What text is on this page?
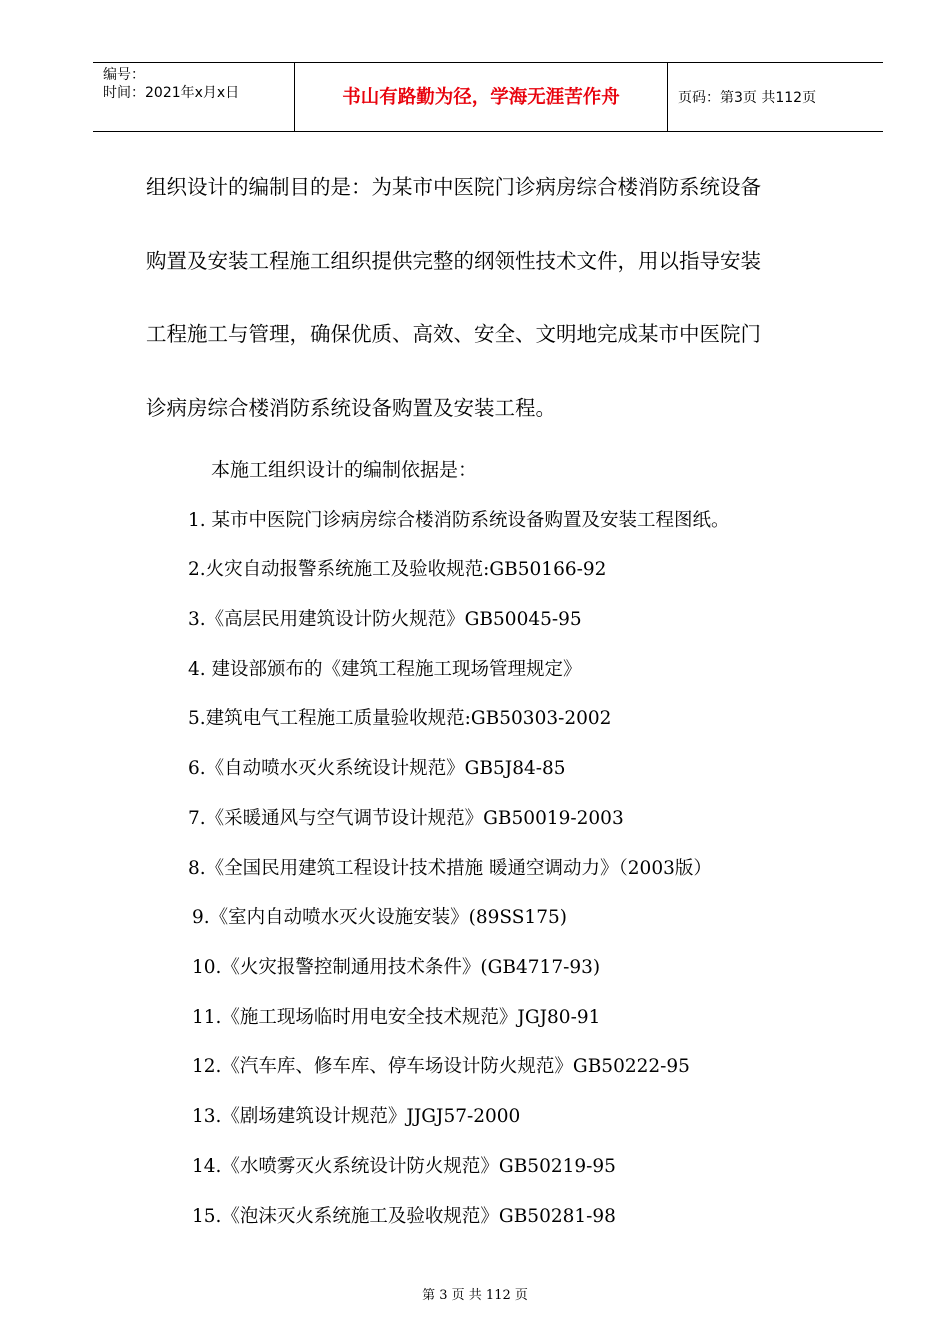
编号：
时间：2021年x月x日	书山有路勤为径，学海无涯苦作舟	页码：第3页 共112页
组织设计的编制目的是：为某市中医院门诊病房综合楼消防系统设备
购置及安装工程施工组织提供完整的纲领性技术文件，用以指导安装
工程施工与管理，确保优质、高效、安全、文明地完成某市中医院门
诊病房综合楼消防系统设备购置及安装工程。
本施工组织设计的编制依据是：
1. 某市中医院门诊病房综合楼消防系统设备购置及安装工程图纸。
2.火灾自动报警系统施工及验收规范:GB50166-92
3.《高层民用建筑设计防火规范》GB50045-95
4. 建设部颁布的《建筑工程施工现场管理规定》
5.建筑电气工程施工质量验收规范:GB50303-2002
6.《自动喷水灭火系统设计规范》GB5J84-85
7.《采暖通风与空气调节设计规范》GB50019-2003
8.《全国民用建筑工程设计技术措施 暖通空调动力》（2003版）
9.《室内自动喷水灭火设施安装》(89SS175)
10.《火灾报警控制通用技术条件》(GB4717-93)
11.《施工现场临时用电安全技术规范》JGJ80-91
12.《汽车库、修车库、停车场设计防火规范》GB50222-95
13.《剧场建筑设计规范》JJGJ57-2000
14.《水喷雾灭火系统设计防火规范》GB50219-95
15.《泡沫灭火系统施工及验收规范》GB50281-98
第 3 页 共 112 页
